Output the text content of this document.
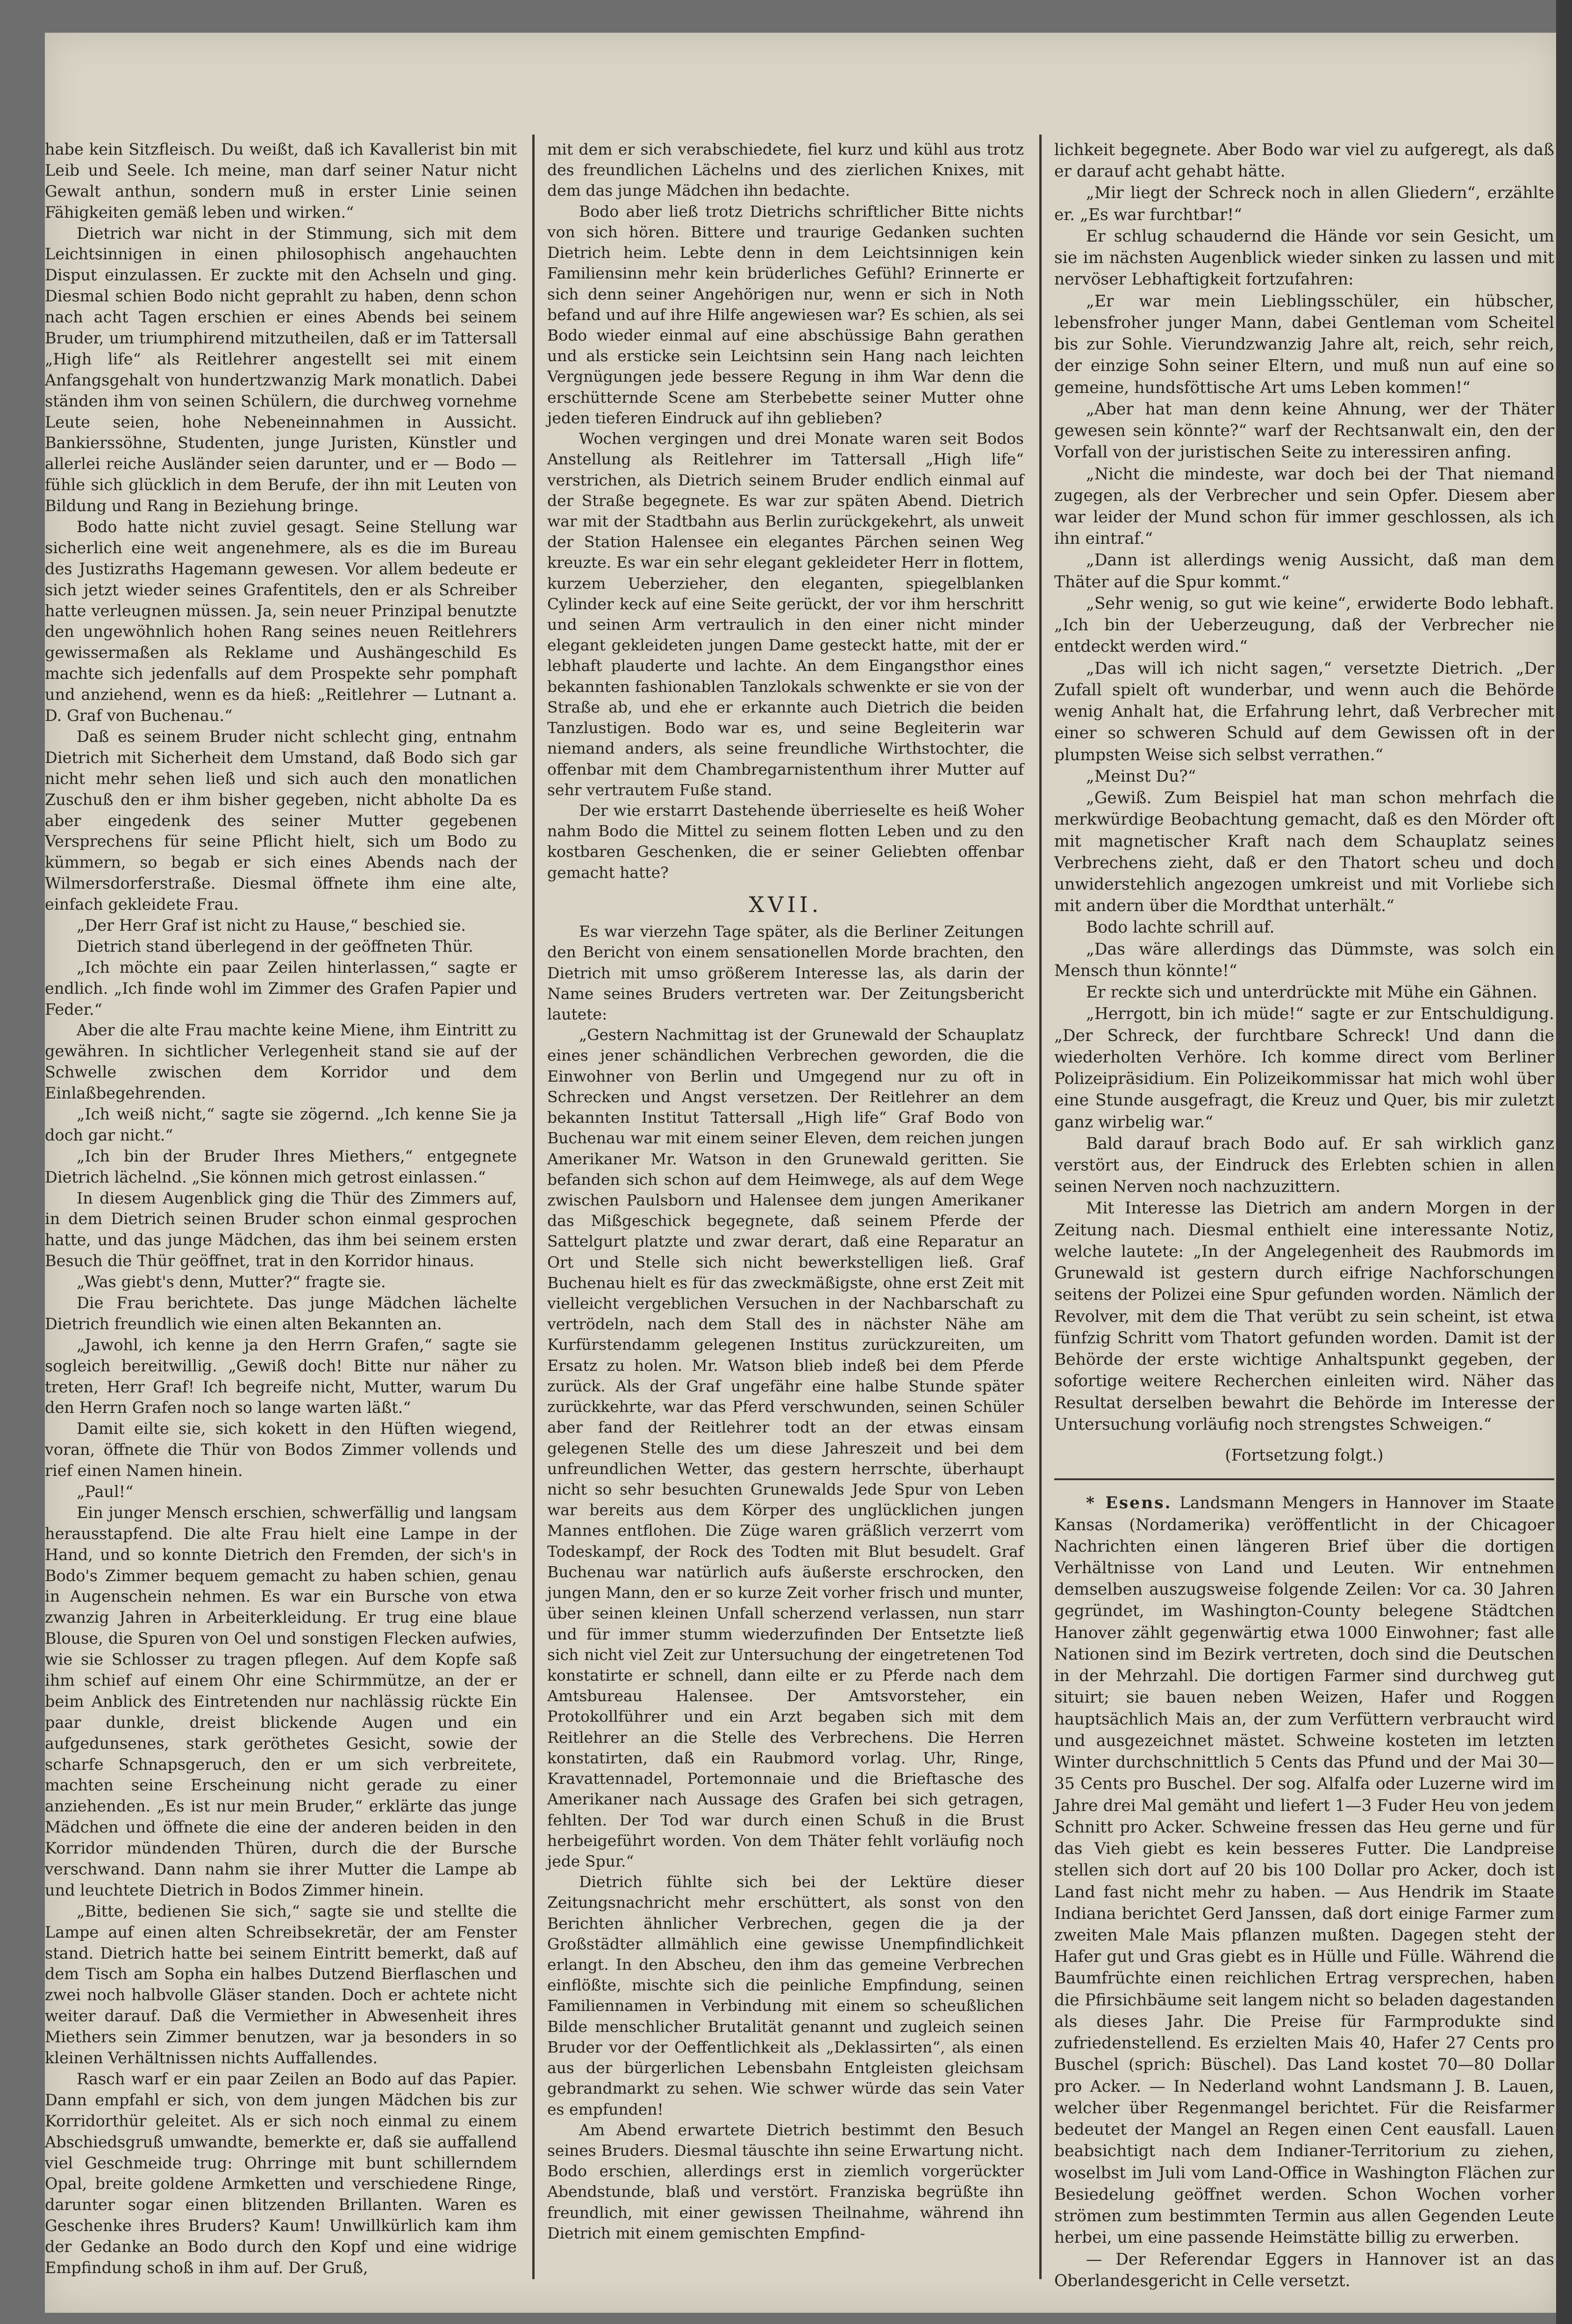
habe kein Sitzfleisch. Du weißt, daß ich Kavallerist bin mit Leib und Seele. Ich meine, man darf seiner Natur nicht Gewalt anthun, sondern muß in erster Linie seinen Fähigkeiten gemäß leben und wirken.“

Dietrich war nicht in der Stimmung, sich mit dem Leichtsinnigen in einen philosophisch angehauchten Disput einzulassen. Er zuckte mit den Achseln und ging. Diesmal schien Bodo nicht geprahlt zu haben, denn schon nach acht Tagen erschien er eines Abends bei seinem Bruder, um triumphirend mitzutheilen, daß er im Tattersall „High life“ als Reitlehrer angestellt sei mit einem Anfangsgehalt von hundertzwanzig Mark monatlich. Dabei ständen ihm von seinen Schülern, die durchweg vornehme Leute seien, hohe Nebeneinnahmen in Aussicht. Bankierssöhne, Studenten, junge Juristen, Künstler und allerlei reiche Ausländer seien darunter, und er — Bodo — fühle sich glücklich in dem Berufe, der ihn mit Leuten von Bildung und Rang in Beziehung bringe.

Bodo hatte nicht zuviel gesagt. Seine Stellung war sicherlich eine weit angenehmere, als es die im Bureau des Justizraths Hagemann gewesen. Vor allem bedeute er sich jetzt wieder seines Grafentitels, den er als Schreiber hatte verleugnen müssen. Ja, sein neuer Prinzipal benutzte den ungewöhnlich hohen Rang seines neuen Reitlehrers gewissermaßen als Reklame und Aushängeschild Es machte sich jedenfalls auf dem Prospekte sehr pomphaft und anziehend, wenn es da hieß: „Reitlehrer — Lutnant a. D. Graf von Buchenau.“

Daß es seinem Bruder nicht schlecht ging, entnahm Dietrich mit Sicherheit dem Umstand, daß Bodo sich gar nicht mehr sehen ließ und sich auch den monatlichen Zuschuß den er ihm bisher gegeben, nicht abholte Da es aber eingedenk des seiner Mutter gegebenen Versprechens für seine Pflicht hielt, sich um Bodo zu kümmern, so begab er sich eines Abends nach der Wilmersdorferstraße. Diesmal öffnete ihm eine alte, einfach gekleidete Frau.

„Der Herr Graf ist nicht zu Hause,“ beschied sie.

Dietrich stand überlegend in der geöffneten Thür.

„Ich möchte ein paar Zeilen hinterlassen,“ sagte er endlich. „Ich finde wohl im Zimmer des Grafen Papier und Feder.“

Aber die alte Frau machte keine Miene, ihm Eintritt zu gewähren. In sichtlicher Verlegenheit stand sie auf der Schwelle zwischen dem Korridor und dem Einlaßbegehrenden.

„Ich weiß nicht,“ sagte sie zögernd. „Ich kenne Sie ja doch gar nicht.“

„Ich bin der Bruder Ihres Miethers,“ entgegnete Dietrich lächelnd. „Sie können mich getrost einlassen.“

In diesem Augenblick ging die Thür des Zimmers auf, in dem Dietrich seinen Bruder schon einmal gesprochen hatte, und das junge Mädchen, das ihm bei seinem ersten Besuch die Thür geöffnet, trat in den Korridor hinaus.

„Was giebt's denn, Mutter?“ fragte sie.

Die Frau berichtete. Das junge Mädchen lächelte Dietrich freundlich wie einen alten Bekannten an.

„Jawohl, ich kenne ja den Herrn Grafen,“ sagte sie sogleich bereitwillig. „Gewiß doch! Bitte nur näher zu treten, Herr Graf! Ich begreife nicht, Mutter, warum Du den Herrn Grafen noch so lange warten läßt.“

Damit eilte sie, sich kokett in den Hüften wiegend, voran, öffnete die Thür von Bodos Zimmer vollends und rief einen Namen hinein.

„Paul!“

Ein junger Mensch erschien, schwerfällig und langsam herausstapfend. Die alte Frau hielt eine Lampe in der Hand, und so konnte Dietrich den Fremden, der sich's in Bodo's Zimmer bequem gemacht zu haben schien, genau in Augenschein nehmen. Es war ein Bursche von etwa zwanzig Jahren in Arbeiterkleidung. Er trug eine blaue Blouse, die Spuren von Oel und sonstigen Flecken aufwies, wie sie Schlosser zu tragen pflegen. Auf dem Kopfe saß ihm schief auf einem Ohr eine Schirmmütze, an der er beim Anblick des Eintretenden nur nachlässig rückte Ein paar dunkle, dreist blickende Augen und ein aufgedunsenes, stark geröthetes Gesicht, sowie der scharfe Schnapsgeruch, den er um sich verbreitete, machten seine Erscheinung nicht gerade zu einer anziehenden. „Es ist nur mein Bruder,“ erklärte das junge Mädchen und öffnete die eine der anderen beiden in den Korridor mündenden Thüren, durch die der Bursche verschwand. Dann nahm sie ihrer Mutter die Lampe ab und leuchtete Dietrich in Bodos Zimmer hinein.

„Bitte, bedienen Sie sich,“ sagte sie und stellte die Lampe auf einen alten Schreibsekretär, der am Fenster stand. Dietrich hatte bei seinem Eintritt bemerkt, daß auf dem Tisch am Sopha ein halbes Dutzend Bierflaschen und zwei noch halbvolle Gläser standen. Doch er achtete nicht weiter darauf. Daß die Vermiether in Abwesenheit ihres Miethers sein Zimmer benutzen, war ja besonders in so kleinen Verhältnissen nichts Auffallendes.

Rasch warf er ein paar Zeilen an Bodo auf das Papier. Dann empfahl er sich, von dem jungen Mädchen bis zur Korridorthür geleitet. Als er sich noch einmal zu einem Abschiedsgruß umwandte, bemerkte er, daß sie auffallend viel Geschmeide trug: Ohrringe mit bunt schillerndem Opal, breite goldene Armketten und verschiedene Ringe, darunter sogar einen blitzenden Brillanten. Waren es Geschenke ihres Bruders? Kaum! Unwillkürlich kam ihm der Gedanke an Bodo durch den Kopf und eine widrige Empfindung schoß in ihm auf. Der Gruß,

mit dem er sich verabschiedete, fiel kurz und kühl aus trotz des freundlichen Lächelns und des zierlichen Knixes, mit dem das junge Mädchen ihn bedachte.

Bodo aber ließ trotz Dietrichs schriftlicher Bitte nichts von sich hören. Bittere und traurige Gedanken suchten Dietrich heim. Lebte denn in dem Leichtsinnigen kein Familiensinn mehr kein brüderliches Gefühl? Erinnerte er sich denn seiner Angehörigen nur, wenn er sich in Noth befand und auf ihre Hilfe angewiesen war? Es schien, als sei Bodo wieder einmal auf eine abschüssige Bahn gerathen und als ersticke sein Leichtsinn sein Hang nach leichten Vergnügungen jede bessere Regung in ihm War denn die erschütternde Scene am Sterbebette seiner Mutter ohne jeden tieferen Eindruck auf ihn geblieben?

Wochen vergingen und drei Monate waren seit Bodos Anstellung als Reitlehrer im Tattersall „High life“ verstrichen, als Dietrich seinem Bruder endlich einmal auf der Straße begegnete. Es war zur späten Abend. Dietrich war mit der Stadtbahn aus Berlin zurückgekehrt, als unweit der Station Halensee ein elegantes Pärchen seinen Weg kreuzte. Es war ein sehr elegant gekleideter Herr in flottem, kurzem Ueberzieher, den eleganten, spiegelblanken Cylinder keck auf eine Seite gerückt, der vor ihm herschritt und seinen Arm vertraulich in den einer nicht minder elegant gekleideten jungen Dame gesteckt hatte, mit der er lebhaft plauderte und lachte. An dem Eingangsthor eines bekannten fashionablen Tanzlokals schwenkte er sie von der Straße ab, und ehe er erkannte auch Dietrich die beiden Tanzlustigen. Bodo war es, und seine Begleiterin war niemand anders, als seine freundliche Wirthstochter, die offenbar mit dem Chambregarnistenthum ihrer Mutter auf sehr vertrautem Fuße stand.

Der wie erstarrt Dastehende überrieselte es heiß Woher nahm Bodo die Mittel zu seinem flotten Leben und zu den kostbaren Geschenken, die er seiner Geliebten offenbar gemacht hatte?

XVII.

Es war vierzehn Tage später, als die Berliner Zeitungen den Bericht von einem sensationellen Morde brachten, den Dietrich mit umso größerem Interesse las, als darin der Name seines Bruders vertreten war. Der Zeitungsbericht lautete:

„Gestern Nachmittag ist der Grunewald der Schauplatz eines jener schändlichen Verbrechen geworden, die die Einwohner von Berlin und Umgegend nur zu oft in Schrecken und Angst versetzen. Der Reitlehrer an dem bekannten Institut Tattersall „High life“ Graf Bodo von Buchenau war mit einem seiner Eleven, dem reichen jungen Amerikaner Mr. Watson in den Grunewald geritten. Sie befanden sich schon auf dem Heimwege, als auf dem Wege zwischen Paulsborn und Halensee dem jungen Amerikaner das Mißgeschick begegnete, daß seinem Pferde der Sattelgurt platzte und zwar derart, daß eine Reparatur an Ort und Stelle sich nicht bewerkstelligen ließ. Graf Buchenau hielt es für das zweckmäßigste, ohne erst Zeit mit vielleicht vergeblichen Versuchen in der Nachbarschaft zu vertrödeln, nach dem Stall des in nächster Nähe am Kurfürstendamm gelegenen Institus zurückzureiten, um Ersatz zu holen. Mr. Watson blieb indeß bei dem Pferde zurück. Als der Graf ungefähr eine halbe Stunde später zurückkehrte, war das Pferd verschwunden, seinen Schüler aber fand der Reitlehrer todt an der etwas einsam gelegenen Stelle des um diese Jahreszeit und bei dem unfreundlichen Wetter, das gestern herrschte, überhaupt nicht so sehr besuchten Grunewalds Jede Spur von Leben war bereits aus dem Körper des unglücklichen jungen Mannes entflohen. Die Züge waren gräßlich verzerrt vom Todeskampf, der Rock des Todten mit Blut besudelt. Graf Buchenau war natürlich aufs äußerste erschrocken, den jungen Mann, den er so kurze Zeit vorher frisch und munter, über seinen kleinen Unfall scherzend verlassen, nun starr und für immer stumm wiederzufinden Der Entsetzte ließ sich nicht viel Zeit zur Untersuchung der eingetretenen Tod konstatirte er schnell, dann eilte er zu Pferde nach dem Amtsbureau Halensee. Der Amtsvorsteher, ein Protokollführer und ein Arzt begaben sich mit dem Reitlehrer an die Stelle des Verbrechens. Die Herren konstatirten, daß ein Raubmord vorlag. Uhr, Ringe, Kravattennadel, Portemonnaie und die Brieftasche des Amerikaner nach Aussage des Grafen bei sich getragen, fehlten. Der Tod war durch einen Schuß in die Brust herbeigeführt worden. Von dem Thäter fehlt vorläufig noch jede Spur.“

Dietrich fühlte sich bei der Lektüre dieser Zeitungsnachricht mehr erschüttert, als sonst von den Berichten ähnlicher Verbrechen, gegen die ja der Großstädter allmählich eine gewisse Unempfindlichkeit erlangt. In den Abscheu, den ihm das gemeine Verbrechen einflößte, mischte sich die peinliche Empfindung, seinen Familiennamen in Verbindung mit einem so scheußlichen Bilde menschlicher Brutalität genannt und zugleich seinen Bruder vor der Oeffentlichkeit als „Deklassirten“, als einen aus der bürgerlichen Lebensbahn Entgleisten gleichsam gebrandmarkt zu sehen. Wie schwer würde das sein Vater es empfunden!

Am Abend erwartete Dietrich bestimmt den Besuch seines Bruders. Diesmal täuschte ihn seine Erwartung nicht. Bodo erschien, allerdings erst in ziemlich vorgerückter Abendstunde, blaß und verstört. Franziska begrüßte ihn freundlich, mit einer gewissen Theilnahme, während ihn Dietrich mit einem gemischten Empfind-

lichkeit begegnete. Aber Bodo war viel zu aufgeregt, als daß er darauf acht gehabt hätte.

„Mir liegt der Schreck noch in allen Gliedern“, erzählte er. „Es war furchtbar!“

Er schlug schaudernd die Hände vor sein Gesicht, um sie im nächsten Augenblick wieder sinken zu lassen und mit nervöser Lebhaftigkeit fortzufahren:

„Er war mein Lieblingsschüler, ein hübscher, lebensfroher junger Mann, dabei Gentleman vom Scheitel bis zur Sohle. Vierundzwanzig Jahre alt, reich, sehr reich, der einzige Sohn seiner Eltern, und muß nun auf eine so gemeine, hundsföttische Art ums Leben kommen!“

„Aber hat man denn keine Ahnung, wer der Thäter gewesen sein könnte?“ warf der Rechtsanwalt ein, den der Vorfall von der juristischen Seite zu interessiren anfing.

„Nicht die mindeste, war doch bei der That niemand zugegen, als der Verbrecher und sein Opfer. Diesem aber war leider der Mund schon für immer geschlossen, als ich ihn eintraf.“

„Dann ist allerdings wenig Aussicht, daß man dem Thäter auf die Spur kommt.“

„Sehr wenig, so gut wie keine“, erwiderte Bodo lebhaft. „Ich bin der Ueberzeugung, daß der Verbrecher nie entdeckt werden wird.“

„Das will ich nicht sagen,“ versetzte Dietrich. „Der Zufall spielt oft wunderbar, und wenn auch die Behörde wenig Anhalt hat, die Erfahrung lehrt, daß Verbrecher mit einer so schweren Schuld auf dem Gewissen oft in der plumpsten Weise sich selbst verrathen.“

„Meinst Du?“

„Gewiß. Zum Beispiel hat man schon mehrfach die merkwürdige Beobachtung gemacht, daß es den Mörder oft mit magnetischer Kraft nach dem Schauplatz seines Verbrechens zieht, daß er den Thatort scheu und doch unwiderstehlich angezogen umkreist und mit Vorliebe sich mit andern über die Mordthat unterhält.“

Bodo lachte schrill auf.

„Das wäre allerdings das Dümmste, was solch ein Mensch thun könnte!“

Er reckte sich und unterdrückte mit Mühe ein Gähnen.

„Herrgott, bin ich müde!“ sagte er zur Entschuldigung. „Der Schreck, der furchtbare Schreck! Und dann die wiederholten Verhöre. Ich komme direct vom Berliner Polizeipräsidium. Ein Polizeikommissar hat mich wohl über eine Stunde ausgefragt, die Kreuz und Quer, bis mir zuletzt ganz wirbelig war.“

Bald darauf brach Bodo auf. Er sah wirklich ganz verstört aus, der Eindruck des Erlebten schien in allen seinen Nerven noch nachzuzittern.

Mit Interesse las Dietrich am andern Morgen in der Zeitung nach. Diesmal enthielt eine interessante Notiz, welche lautete: „In der Angelegenheit des Raubmords im Grunewald ist gestern durch eifrige Nachforschungen seitens der Polizei eine Spur gefunden worden. Nämlich der Revolver, mit dem die That verübt zu sein scheint, ist etwa fünfzig Schritt vom Thatort gefunden worden. Damit ist der Behörde der erste wichtige Anhaltspunkt gegeben, der sofortige weitere Recherchen einleiten wird. Näher das Resultat derselben bewahrt die Behörde im Interesse der Untersuchung vorläufig noch strengstes Schweigen.“

(Fortsetzung folgt.)

* Esens. Landsmann Mengers in Hannover im Staate Kansas (Nordamerika) veröffentlicht in der Chicagoer Nachrichten einen längeren Brief über die dortigen Verhältnisse von Land und Leuten. Wir entnehmen demselben auszugsweise folgende Zeilen: Vor ca. 30 Jahren gegründet, im Washington-County belegene Städtchen Hanover zählt gegenwärtig etwa 1000 Einwohner; fast alle Nationen sind im Bezirk vertreten, doch sind die Deutschen in der Mehrzahl. Die dortigen Farmer sind durchweg gut situirt; sie bauen neben Weizen, Hafer und Roggen hauptsächlich Mais an, der zum Verfüttern verbraucht wird und ausgezeichnet mästet. Schweine kosteten im letzten Winter durchschnittlich 5 Cents das Pfund und der Mai 30—35 Cents pro Buschel. Der sog. Alfalfa oder Luzerne wird im Jahre drei Mal gemäht und liefert 1—3 Fuder Heu von jedem Schnitt pro Acker. Schweine fressen das Heu gerne und für das Vieh giebt es kein besseres Futter. Die Landpreise stellen sich dort auf 20 bis 100 Dollar pro Acker, doch ist Land fast nicht mehr zu haben. — Aus Hendrik im Staate Indiana berichtet Gerd Janssen, daß dort einige Farmer zum zweiten Male Mais pflanzen mußten. Dagegen steht der Hafer gut und Gras giebt es in Hülle und Fülle. Während die Baumfrüchte einen reichlichen Ertrag versprechen, haben die Pfirsichbäume seit langem nicht so beladen dagestanden als dieses Jahr. Die Preise für Farmprodukte sind zufriedenstellend. Es erzielten Mais 40, Hafer 27 Cents pro Buschel (sprich: Büschel). Das Land kostet 70—80 Dollar pro Acker. — In Nederland wohnt Landsmann J. B. Lauen, welcher über Regenmangel berichtet. Für die Reisfarmer bedeutet der Mangel an Regen einen Cent eausfall. Lauen beabsichtigt nach dem Indianer-Territorium zu ziehen, woselbst im Juli vom Land-Office in Washington Flächen zur Besiedelung geöffnet werden. Schon Wochen vorher strömen zum bestimmten Termin aus allen Gegenden Leute herbei, um eine passende Heimstätte billig zu erwerben.

— Der Referendar Eggers in Hannover ist an das Oberlandesgericht in Celle versetzt.
